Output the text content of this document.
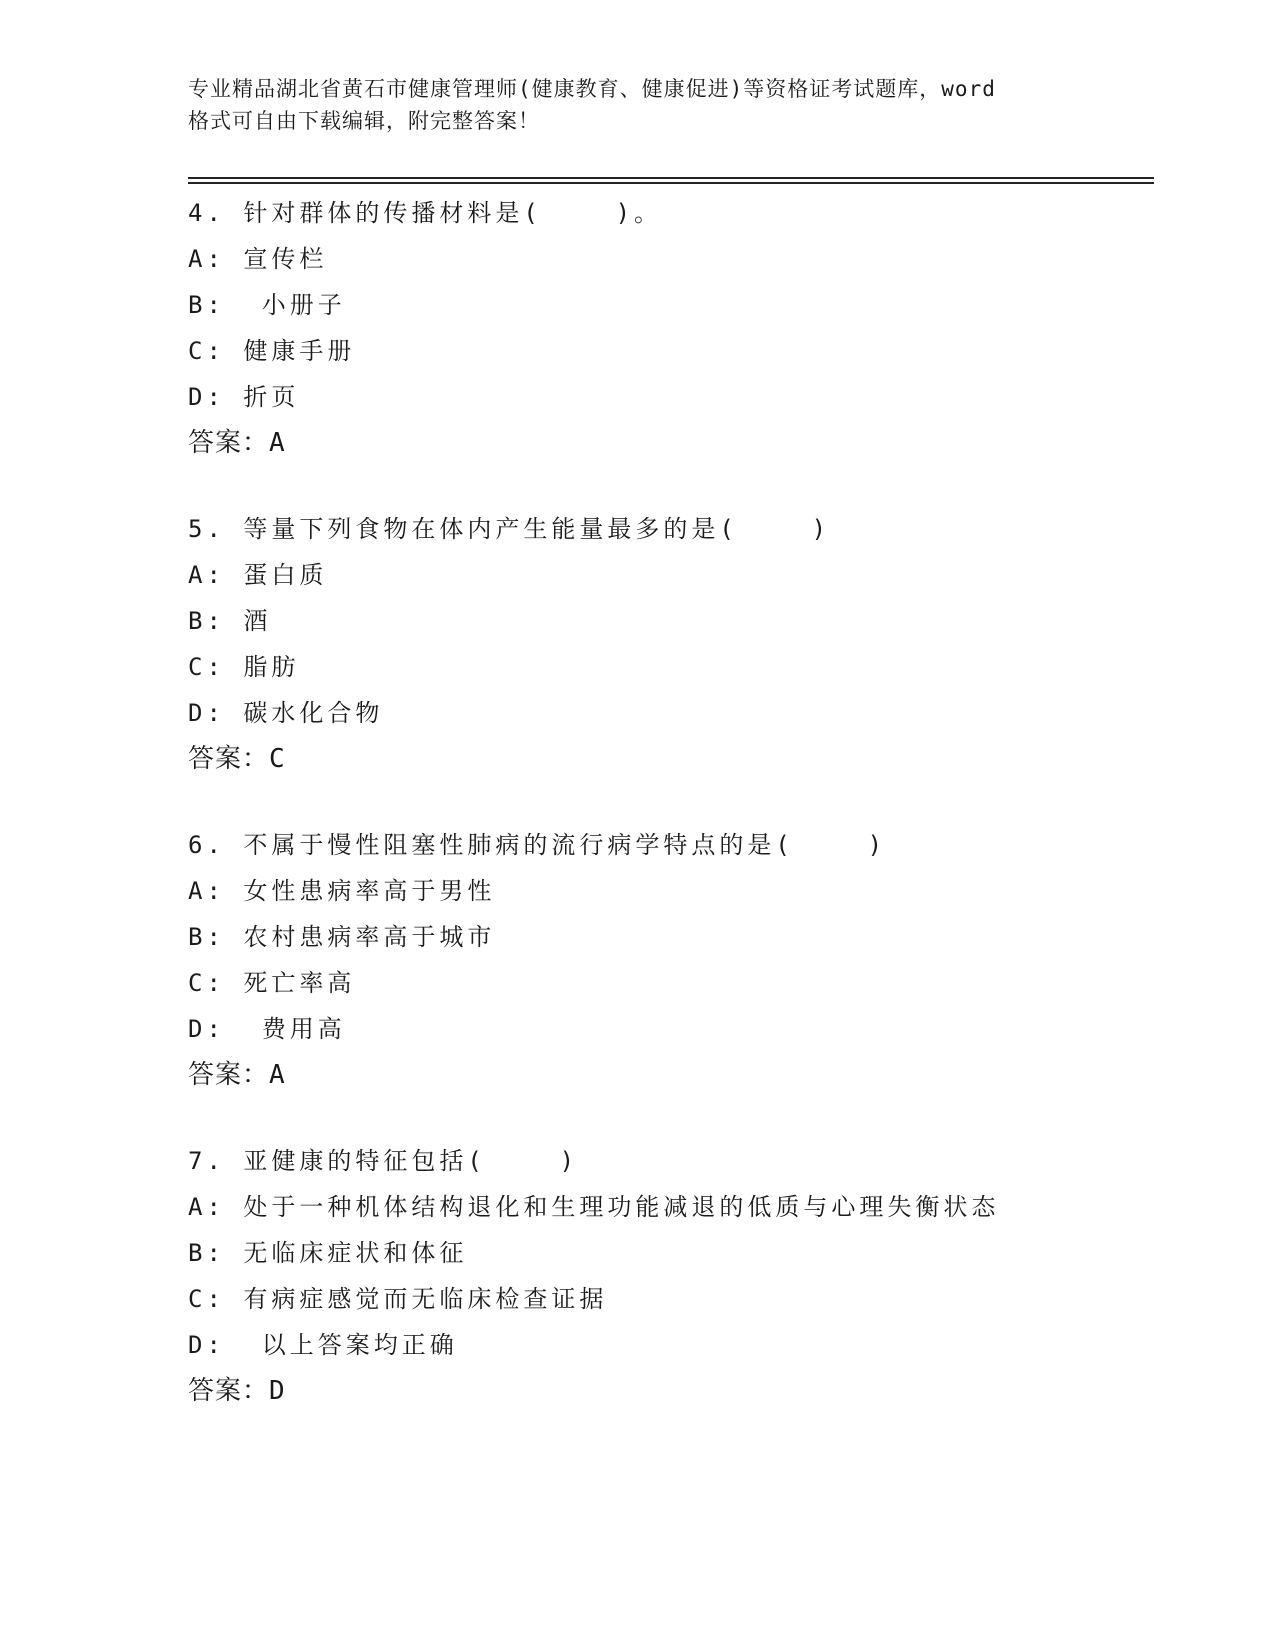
专业精品湖北省黄石市健康管理师(健康教育、健康促进)等资格证考试题库，word
格式可自由下载编辑，附完整答案！
4. 针对群体的传播材料是(    )。
A: 宣传栏
B:  小册子
C: 健康手册
D: 折页
答案：A
5. 等量下列食物在体内产生能量最多的是(    )
A: 蛋白质
B: 酒
C: 脂肪
D: 碳水化合物
答案：C
6. 不属于慢性阻塞性肺病的流行病学特点的是(    )
A: 女性患病率高于男性
B: 农村患病率高于城市
C: 死亡率高
D:  费用高
答案：A
7. 亚健康的特征包括(    )
A: 处于一种机体结构退化和生理功能减退的低质与心理失衡状态
B: 无临床症状和体征
C: 有病症感觉而无临床检查证据
D:  以上答案均正确
答案：D
